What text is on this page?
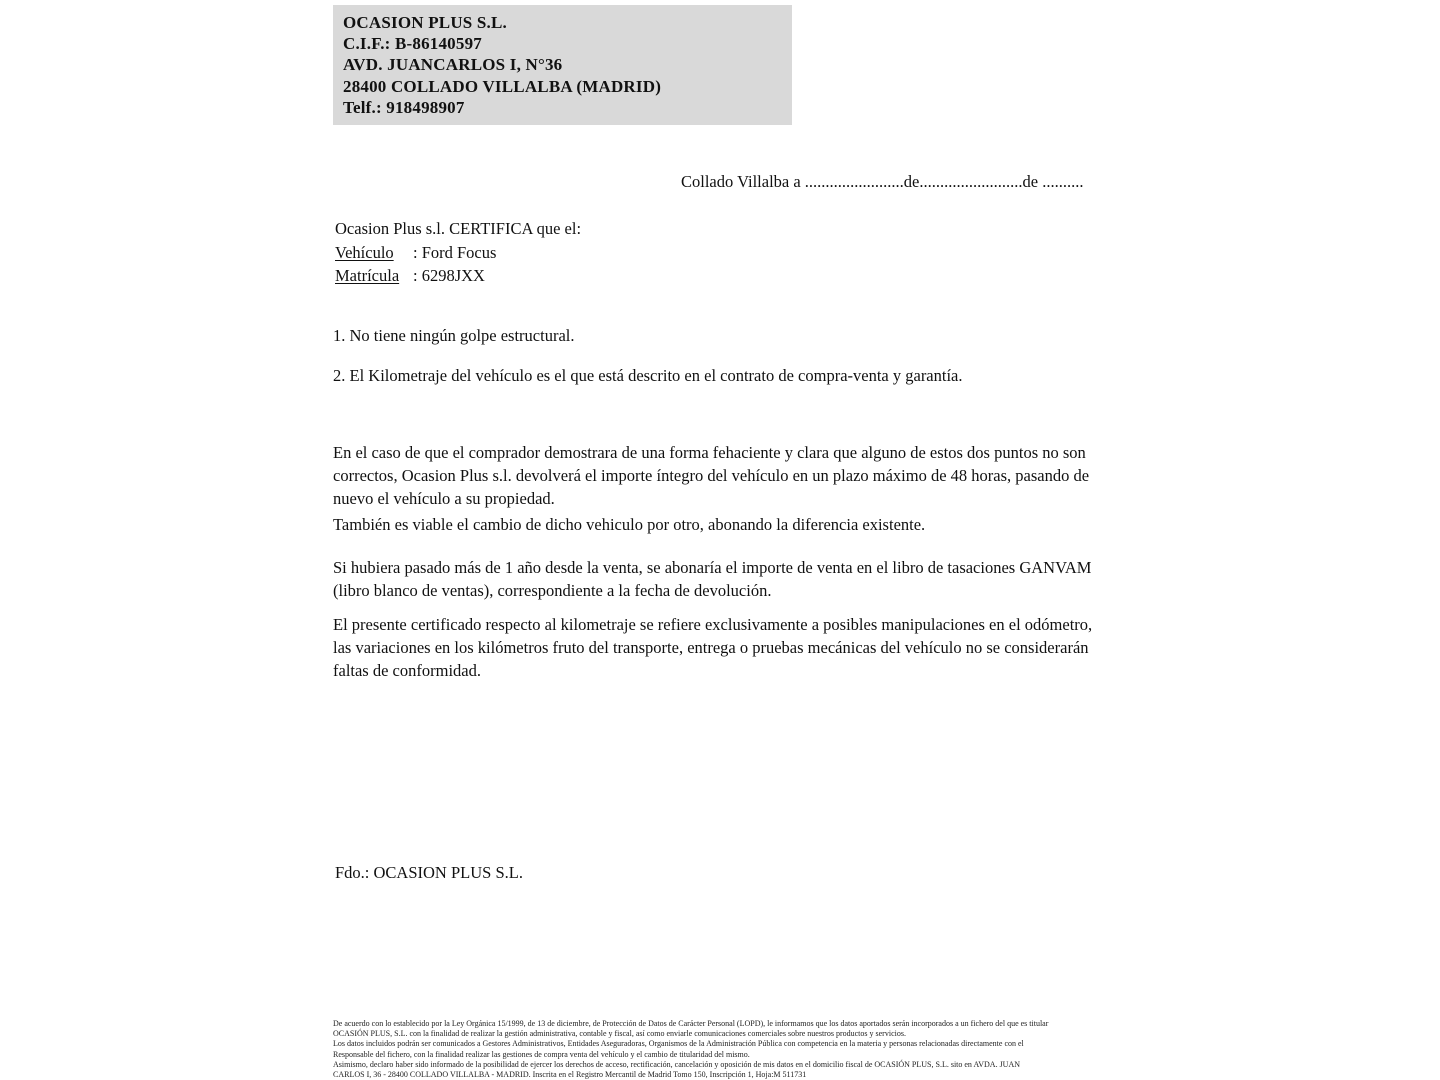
OCASION PLUS S.L.
C.I.F.: B-86140597
AVD. JUANCARLOS I, N°36
28400 COLLADO VILLALBA (MADRID)
Telf.: 918498907
Collado Villalba a ........................de.........................de ..........
Ocasion Plus s.l. CERTIFICA que el:
Vehículo : Ford Focus
Matrícula : 6298JXX
1. No tiene ningún golpe estructural.
2. El Kilometraje del vehículo es el que está descrito en el contrato de compra-venta y garantía.
En el caso de que el comprador demostrara de una forma fehaciente y clara que alguno de estos dos puntos no son correctos, Ocasion Plus s.l. devolverá el importe íntegro del vehículo en un plazo máximo de 48 horas, pasando de nuevo el vehículo a su propiedad.
También es viable el cambio de dicho vehiculo por otro, abonando la diferencia existente.
Si hubiera pasado más de 1 año desde la venta, se abonaría el importe de venta en el libro de tasaciones GANVAM (libro blanco de ventas), correspondiente a la fecha de devolución.
El presente certificado respecto al kilometraje se refiere exclusivamente a posibles manipulaciones en el odómetro, las variaciones en los kilómetros fruto del transporte, entrega o pruebas mecánicas del vehículo no se considerarán faltas de conformidad.
Fdo.: OCASION PLUS S.L.
De acuerdo con lo establecido por la Ley Orgánica 15/1999, de 13 de diciembre, de Protección de Datos de Carácter Personal (LOPD), le informamos que los datos aportados serán incorporados a un fichero del que es titular
OCASIÓN PLUS, S.L. con la finalidad de realizar la gestión administrativa, contable y fiscal, así como enviarle comunicaciones comerciales sobre nuestros productos y servicios.
Los datos incluidos podrán ser comunicados a Gestores Administrativos, Entidades Aseguradoras, Organismos de la Administración Pública con competencia en la materia y personas relacionadas directamente con el
Responsable del fichero, con la finalidad realizar las gestiones de compra venta del vehículo y el cambio de titularidad del mismo.
Asimismo, declaro haber sido informado de la posibilidad de ejercer los derechos de acceso, rectificación, cancelación y oposición de mis datos en el domicilio fiscal de OCASIÓN PLUS, S.L. sito en AVDA. JUAN
CARLOS I, 36 - 28400 COLLADO VILLALBA - MADRID. Inscrita en el Registro Mercantil de Madrid Tomo 150, Inscripción 1, Hoja:M 511731
